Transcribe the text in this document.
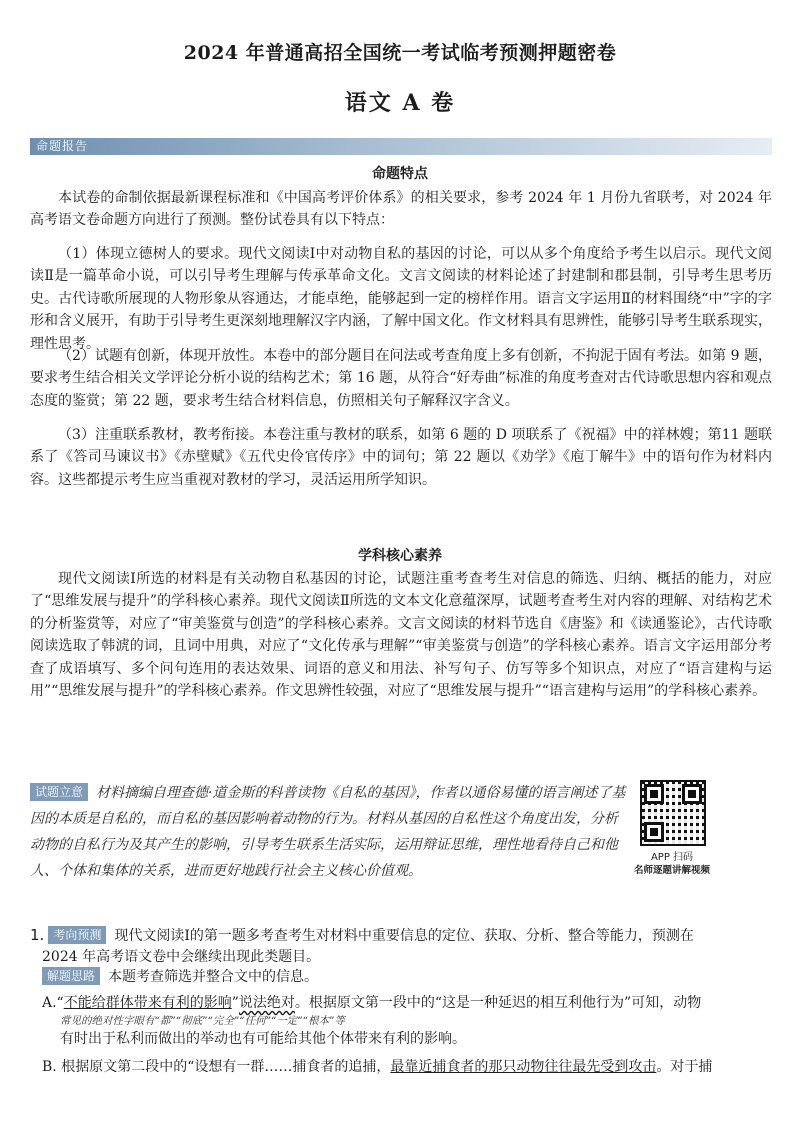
2024 年普通高招全国统一考试临考预测押题密卷
语文 A 卷
命题报告
命题特点

本试卷的命制依据最新课程标准和《中国高考评价体系》的相关要求，参考 2024 年 1 月份九省联考，对 2024 年高考语文卷命题方向进行了预测。整份试卷具有以下特点：

（1）体现立德树人的要求。现代文阅读Ⅰ中对动物自私的基因的讨论，可以从多个角度给予考生以启示。现代文阅读Ⅱ是一篇革命小说，可以引导考生理解与传承革命文化。文言文阅读的材料论述了封建制和郡县制，引导考生思考历史。古代诗歌所展现的人物形象从容通达，才能卓绝，能够起到一定的榜样作用。语言文字运用Ⅱ的材料围绕“中”字的字形和含义展开，有助于引导考生更深刻地理解汉字内涵，了解中国文化。作文材料具有思辨性，能够引导考生联系现实，理性思考。

（2）试题有创新，体现开放性。本卷中的部分题目在问法或考查角度上多有创新，不拘泥于固有考法。如第 9 题，要求考生结合相关文学评论分析小说的结构艺术；第 16 题，从符合“好寿曲”标准的角度考查对古代诗歌思想内容和观点态度的鉴赏；第 22 题，要求考生结合材料信息，仿照相关句子解释汉字含义。

（3）注重联系教材，教考衔接。本卷注重与教材的联系，如第 6 题的 D 项联系了《祝福》中的祥林嫂；第11 题联系了《答司马谏议书》《赤壁赋》《五代史伶官传序》中的词句；第 22 题以《劝学》《庖丁解牛》中的语句作为材料内容。这些都提示考生应当重视对教材的学习，灵活运用所学知识。

学科核心素养

现代文阅读Ⅰ所选的材料是有关动物自私基因的讨论，试题注重考查考生对信息的筛选、归纳、概括的能力，对应了“思维发展与提升”的学科核心素养。现代文阅读Ⅱ所选的文本文化意蕴深厚，试题考查考生对内容的理解、对结构艺术的分析鉴赏等，对应了“审美鉴赏与创造”的学科核心素养。文言文阅读的材料节选自《唐鉴》和《读通鉴论》，古代诗歌阅读选取了韩淲的词，且词中用典，对应了“文化传承与理解”“审美鉴赏与创造”的学科核心素养。语言文字运用部分考查了成语填写、多个问句连用的表达效果、词语的意义和用法、补写句子、仿写等多个知识点，对应了“语言建构与运用”“思维发展与提升”的学科核心素养。作文思辨性较强，对应了“思维发展与提升”“语言建构与运用”的学科核心素养。

试题立意 材料摘编自理查德·道金斯的科普读物《自私的基因》，作者以通俗易懂的语言阐述了基因的本质是自私的，而自私的基因影响着动物的行为。材料从基因的自私性这个角度出发，分析动物的自私行为及其产生的影响，引导考生联系生活实际，运用辩证思维，理性地看待自己和他人、个体和集体的关系，进而更好地践行社会主义核心价值观。
APP 扫码
名师逐题讲解视频
1. 考向预测 现代文阅读Ⅰ的第一题多考查考生对材料中重要信息的定位、获取、分析、整合等能力，预测在
2024 年高考语文卷中会继续出现此类题目。
解题思路 本题考查筛选并整合文中的信息。
A.“不能给群体带来有利的影响”说法绝对。根据原文第一段中的“这是一种延迟的相互利他行为”可知，动物
常见的绝对性字眼有“都”“彻底”“完全”“任何”“一定”“根本”等
有时出于私利而做出的举动也有可能给其他个体带来有利的影响。
B. 根据原文第二段中的“设想有一群……捕食者的追捕，最靠近捕食者的那只动物往往最先受到攻击。对于捕
